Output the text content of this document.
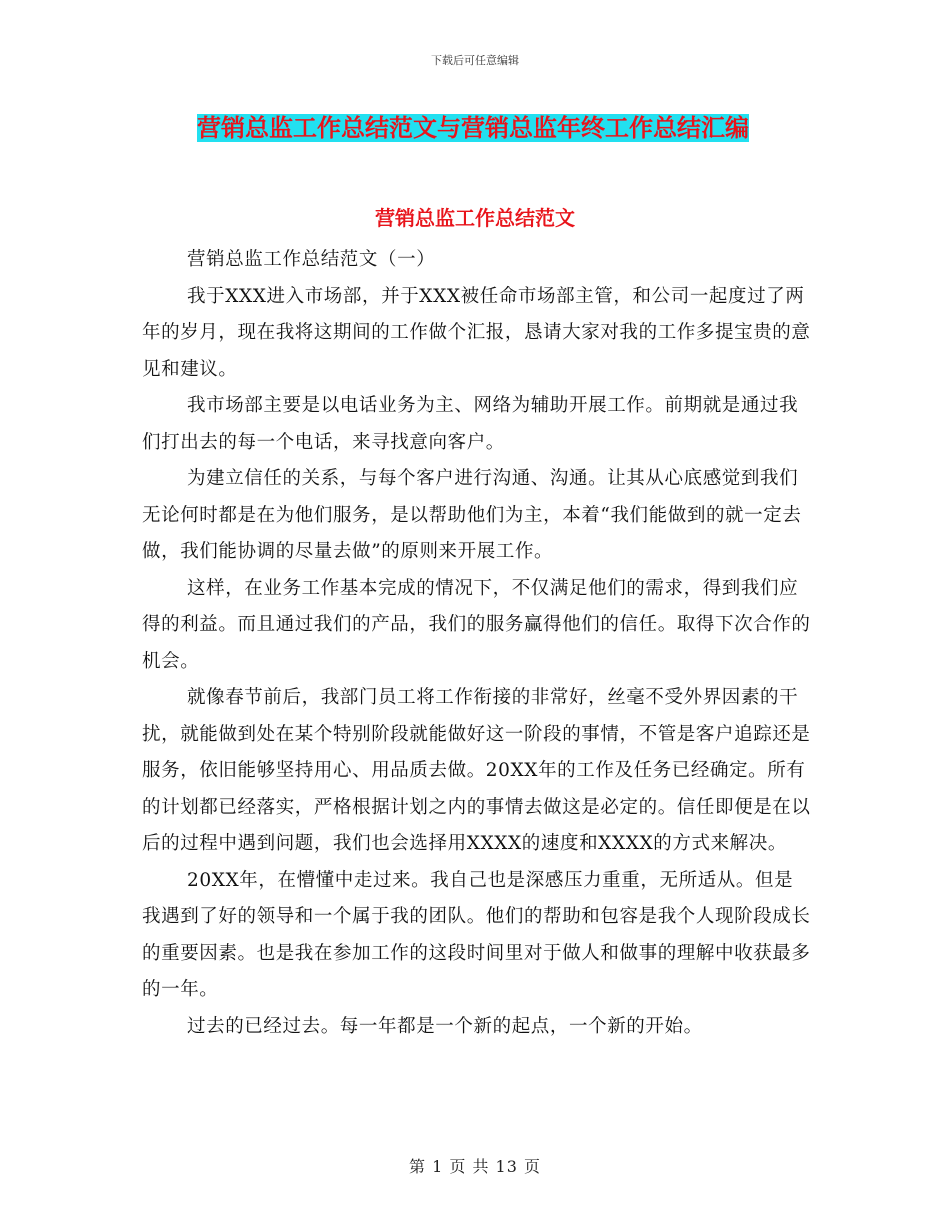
下载后可任意编辑
营销总监工作总结范文与营销总监年终工作总结汇编
营销总监工作总结范文

营销总监工作总结范文（一）

我于XXX进入市场部，并于XXX被任命市场部主管，和公司一起度过了两年的岁月，现在我将这期间的工作做个汇报，恳请大家对我的工作多提宝贵的意见和建议。

我市场部主要是以电话业务为主、网络为辅助开展工作。前期就是通过我们打出去的每一个电话，来寻找意向客户。

为建立信任的关系，与每个客户进行沟通、沟通。让其从心底感觉到我们无论何时都是在为他们服务，是以帮助他们为主，本着“我们能做到的就一定去做，我们能协调的尽量去做”的原则来开展工作。

这样，在业务工作基本完成的情况下，不仅满足他们的需求，得到我们应得的利益。而且通过我们的产品，我们的服务赢得他们的信任。取得下次合作的机会。

就像春节前后，我部门员工将工作衔接的非常好，丝毫不受外界因素的干扰，就能做到处在某个特别阶段就能做好这一阶段的事情，不管是客户追踪还是服务，依旧能够坚持用心、用品质去做。20XX年的工作及任务已经确定。所有的计划都已经落实，严格根据计划之内的事情去做这是必定的。信任即便是在以后的过程中遇到问题，我们也会选择用XXXX的速度和XXXX的方式来解决。

20XX年，在懵懂中走过来。我自己也是深感压力重重，无所适从。但是我遇到了好的领导和一个属于我的团队。他们的帮助和包容是我个人现阶段成长的重要因素。也是我在参加工作的这段时间里对于做人和做事的理解中收获最多的一年。

过去的已经过去。每一年都是一个新的起点，一个新的开始。

第 1 页 共 13 页
